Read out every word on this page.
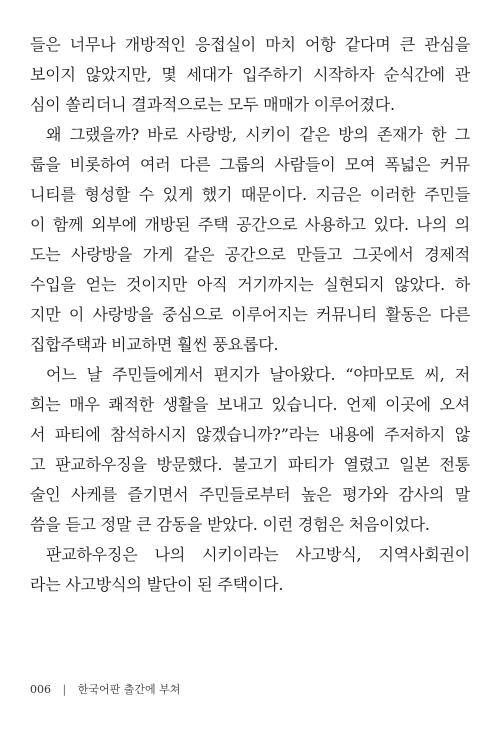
들은 너무나 개방적인 응접실이 마치 어항 같다며 큰 관심을
보이지 않았지만, 몇 세대가 입주하기 시작하자 순식간에 관
심이 쏠리더니 결과적으로는 모두 매매가 이루어졌다.
왜 그랬을까? 바로 사랑방, 시키이 같은 방의 존재가 한 그
룹을 비롯하여 여러 다른 그룹의 사람들이 모여 폭넓은 커뮤
니티를 형성할 수 있게 했기 때문이다. 지금은 이러한 주민들
이 함께 외부에 개방된 주택 공간으로 사용하고 있다. 나의 의
도는 사랑방을 가게 같은 공간으로 만들고 그곳에서 경제적
수입을 얻는 것이지만 아직 거기까지는 실현되지 않았다. 하
지만 이 사랑방을 중심으로 이루어지는 커뮤니티 활동은 다른
집합주택과 비교하면 훨씬 풍요롭다.
어느 날 주민들에게서 편지가 날아왔다. “야마모토 씨, 저
희는 매우 쾌적한 생활을 보내고 있습니다. 언제 이곳에 오셔
서 파티에 참석하시지 않겠습니까?”라는 내용에 주저하지 않
고 판교하우징을 방문했다. 불고기 파티가 열렸고 일본 전통
술인 사케를 즐기면서 주민들로부터 높은 평가와 감사의 말
씀을 듣고 정말 큰 감동을 받았다. 이런 경험은 처음이었다.
판교하우징은 나의 시키이라는 사고방식, 지역사회권이
라는 사고방식의 발단이 된 주택이다.
006 | 한국어판 출간에 부쳐
